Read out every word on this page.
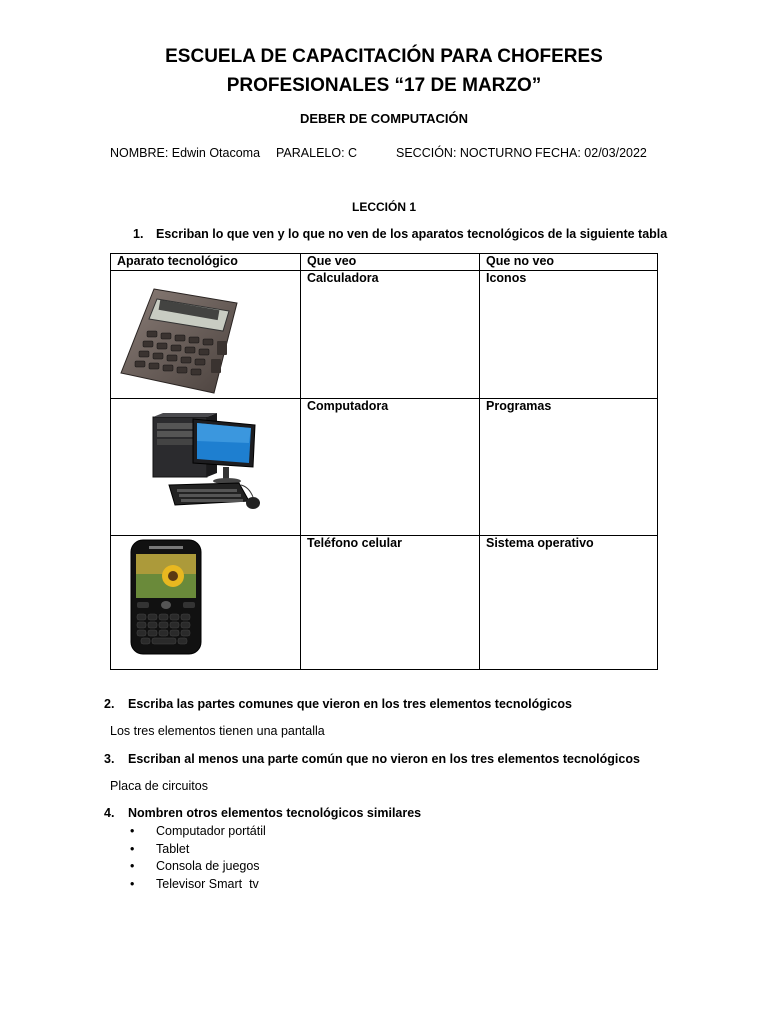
ESCUELA DE CAPACITACIÓN PARA CHOFERES
PROFESIONALES “17 DE MARZO”
DEBER DE COMPUTACIÓN
NOMBRE: Edwin Otacoma PARALELO: C	SECCIÓN: NOCTURNO FECHA: 02/03/2022
LECCIÓN 1
1. Escriban lo que ven y lo que no ven de los aparatos tecnológicos de la siguiente tabla
Aparato tecnológico	Que veo	Que no veo

	Calculadora	Iconos

	Computadora	Programas

	Teléfono celular	Sistema operativo
2. Escriba las partes comunes que vieron en los tres elementos tecnológicos
Los tres elementos tienen una pantalla
3. Escriban al menos una parte común que no vieron en los tres elementos tecnológicos
Placa de circuitos
4. Nombren otros elementos tecnológicos similares
• Computador portátil
• Tablet
• Consola de juegos
• Televisor Smart  tv
